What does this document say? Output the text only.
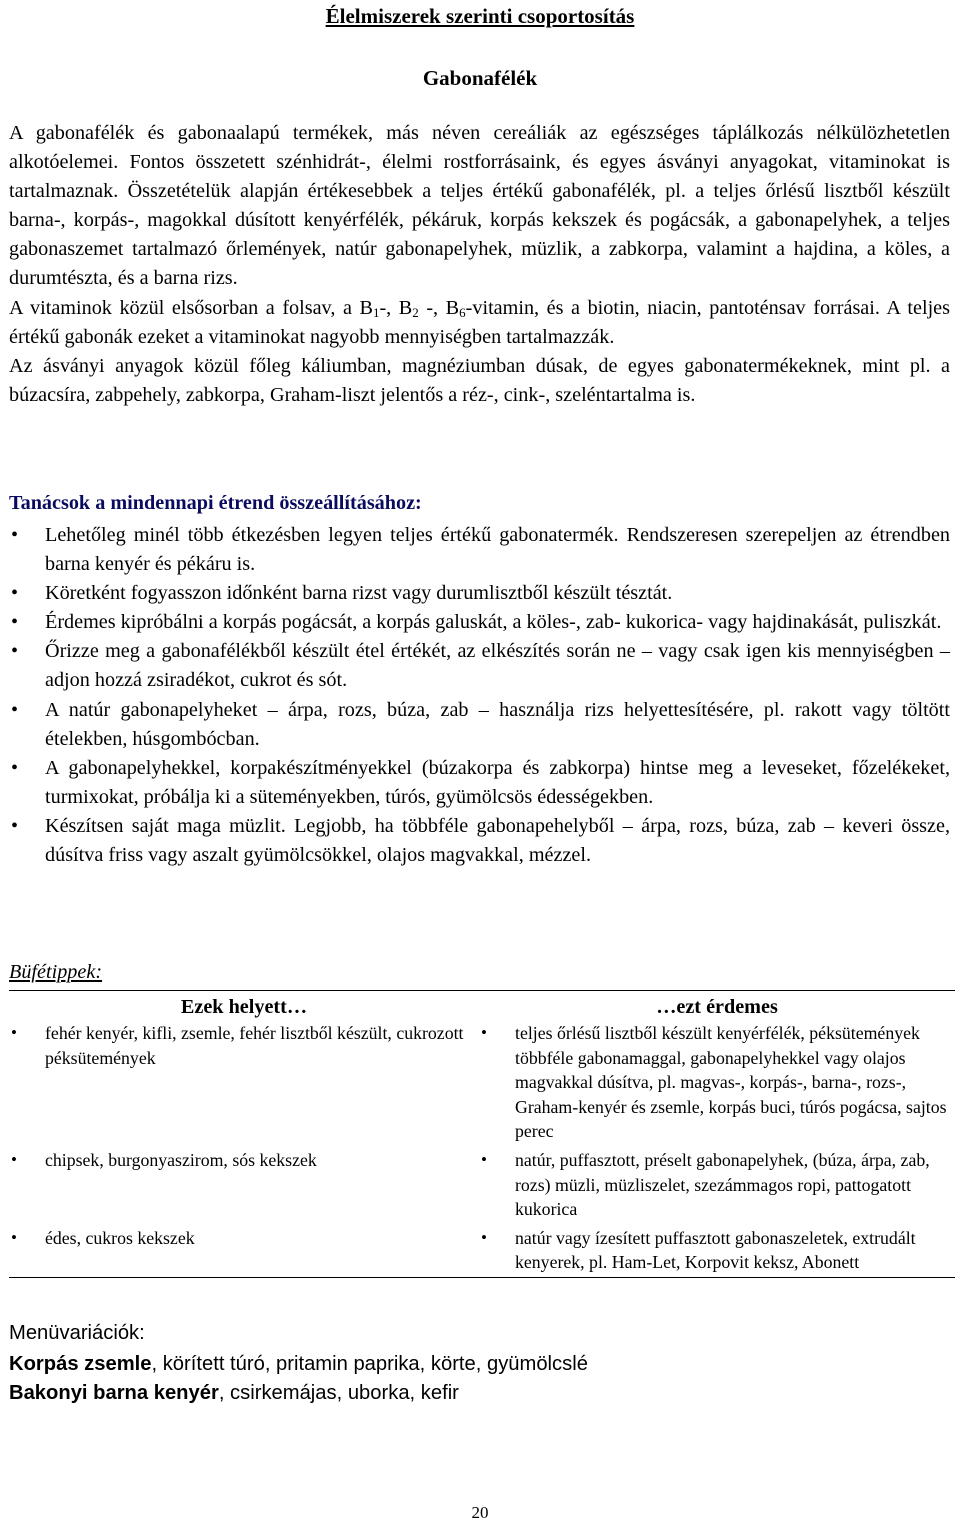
Élelmiszerek szerinti csoportosítás
Gabonafélék

A gabonafélék és gabonaalapú termékek, más néven cereáliák az egészséges táplálkozás nélkülözhetetlen alkotóelemei. Fontos összetett szénhidrát-, élelmi rostforrásaink, és egyes ásványi anyagokat, vitaminokat is tartalmaznak. Összetételük alapján értékesebbek a teljes értékű gabonafélék, pl. a teljes őrlésű lisztből készült barna-, korpás-, magokkal dúsított kenyérfélék, pékáruk, korpás kekszek és pogácsák, a gabonapelyhek, a teljes gabonaszemet tartalmazó őrlemények, natúr gabonapelyhek, müzlik, a zabkorpa, valamint a hajdina, a köles, a durumtészta, és a barna rizs.

A vitaminok közül elsősorban a folsav, a $B_1-$, $B_2$ -, $B_6$-vitamin, és a biotin, niacin, pantoténsav forrásai. A teljes értékű gabonák ezeket a vitaminokat nagyobb mennyiségben tartalmazzák.

Az ásványi anyagok közül főleg káliumban, magnéziumban dúsak, de egyes gabonatermékeknek, mint pl. a búzacsíra, zabpehely, zabkorpa, Graham-liszt jelentős a réz-, cink-, szeléntartalma is.

Tanácsok a mindennapi étrend összeállításához:
• Lehetőleg minél több étkezésben legyen teljes értékű gabonatermék. Rendszeresen szerepeljen az étrendben barna kenyér és pékáru is.
• Köretként fogyasszon időnként barna rizst vagy durumlisztből készült tésztát.
• Érdemes kipróbálni a korpás pogácsát, a korpás galuskát, a köles-, zab- kukorica- vagy hajdinakását, puliszkát.
• Őrizze meg a gabonafélékből készült étel értékét, az elkészítés során ne – vagy csak igen kis mennyiségben – adjon hozzá zsiradékot, cukrot és sót.
• A natúr gabonapelyheket – árpa, rozs, búza, zab – használja rizs helyettesítésére, pl. rakott vagy töltött ételekben, húsgombócban.
• A gabonapelyhekkel, korpakészítményekkel (búzakorpa és zabkorpa) hintse meg a leveseket, főzelékeket, turmixokat, próbálja ki a süteményekben, túrós, gyümölcsös édességekben.
• Készítsen saját maga müzlit. Legjobb, ha többféle gabonapehelyből – árpa, rozs, búza, zab – keveri össze, dúsítva friss vagy aszalt gyümölcsökkel, olajos magvakkal, mézzel.
Büfétippek:
Ezek helyett…	…ezt érdemes

• fehér kenyér, kifli, zsemle, fehér lisztből készült, cukrozott péksütemények	• teljes őrlésű lisztből készült kenyérfélék, péksütemények többféle gabonamaggal, gabonapelyhekkel vagy olajos magvakkal dúsítva, pl. magvas-, korpás-, barna-, rozs-, Graham-kenyér és zsemle, korpás buci, túrós pogácsa, sajtos perec

• chipsek, burgonyaszirom, sós kekszek	• natúr, puffasztott, préselt gabonapelyhek, (búza, árpa, zab, rozs) müzli, müzliszelet, szezámmagos ropi, pattogatott kukorica

• édes, cukros kekszek	• natúr vagy ízesített puffasztott gabonaszeletek, extrudált kenyerek, pl. Ham-Let, Korpovit keksz, Abonett
Menüvariációk:
Korpás zsemle, körített túró, pritamin paprika, körte, gyümölcslé
Bakonyi barna kenyér, csirkemájas, uborka, kefir
20
